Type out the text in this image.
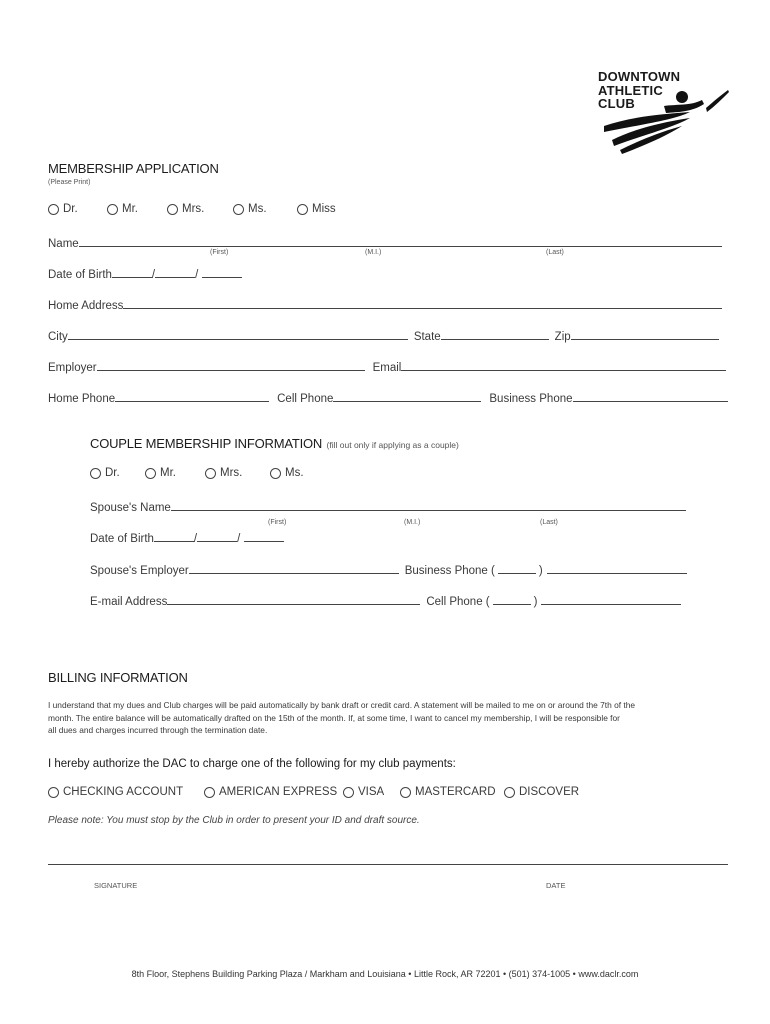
DOWNTOWN
ATHLETIC
CLUB
MEMBERSHIP APPLICATION
(Please Print)
Dr.	Mr.	Mrs.	Ms.	Miss
Name
(First)	(M.I.)	(Last)
Date of Birth	/	/
Home Address
City	State	Zip
Employer	Email
Home Phone	Cell Phone	Business Phone
COUPLE MEMBERSHIP INFORMATION (fill out only if applying as a couple)
Dr.	Mr.	Mrs.	Ms.
Spouse's Name
(First)	(M.I.)	(Last)
Date of Birth	/	/
Spouse's Employer	Business Phone (	)
E-mail Address	Cell Phone (	)
BILLING INFORMATION
I understand that my dues and Club charges will be paid automatically by bank draft or credit card. A statement will be mailed to me on or around the 7th of the
month. The entire balance will be automatically drafted on the 15th of the month. If, at some time, I want to cancel my membership, I will be responsible for
all dues and charges incurred through the termination date.
I hereby authorize the DAC to charge one of the following for my club payments:
CHECKING ACCOUNT	AMERICAN EXPRESS VISA	MASTERCARD DISCOVER
Please note: You must stop by the Club in order to present your ID and draft source.
SIGNATURE	DATE
8th Floor, Stephens Building Parking Plaza / Markham and Louisiana • Little Rock, AR 72201 • (501) 374-1005 • www.daclr.com
